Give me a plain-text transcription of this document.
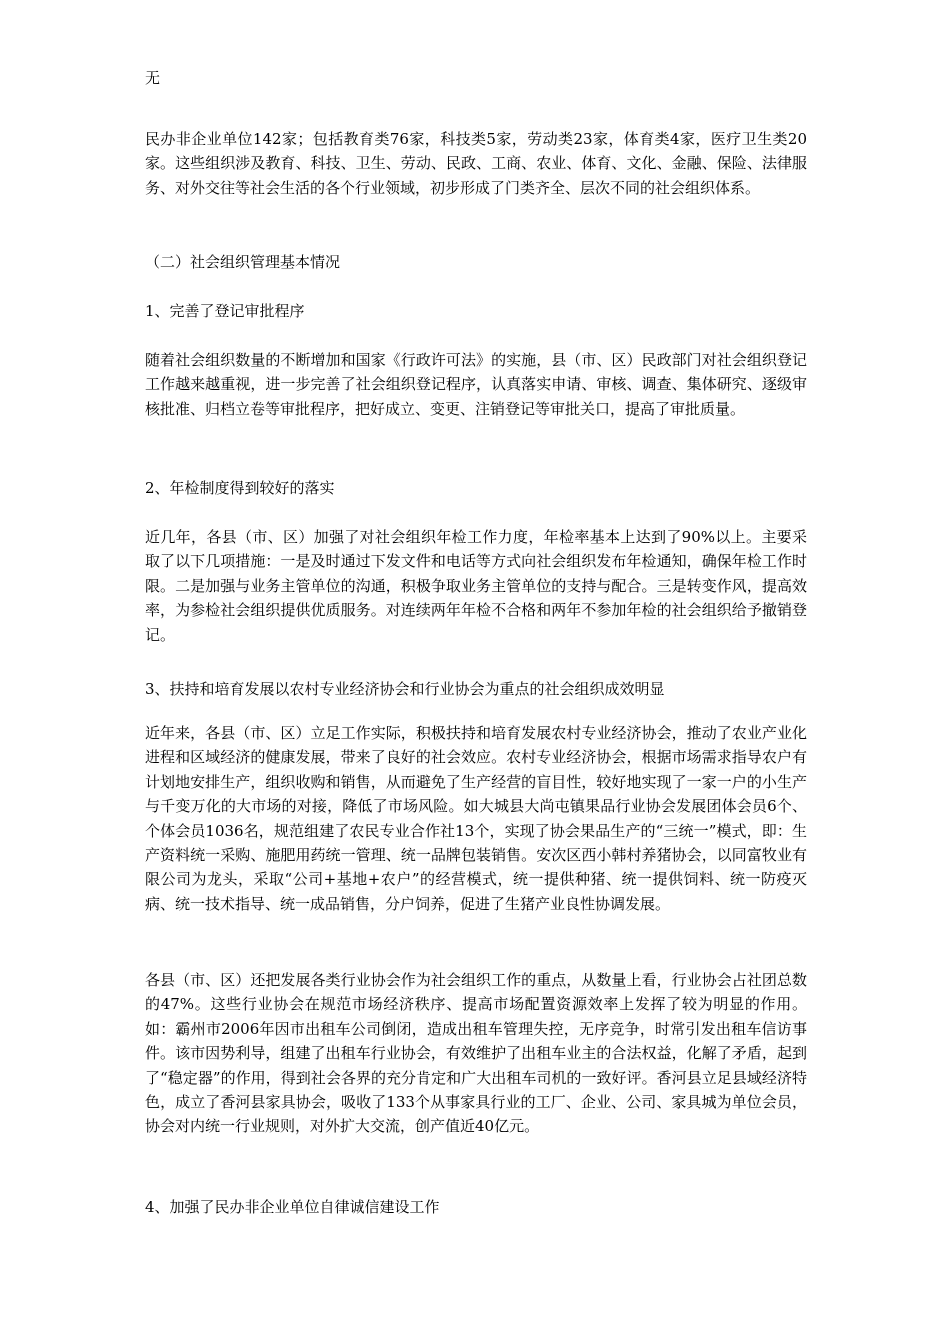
无

民办非企业单位142家；包括教育类76家，科技类5家，劳动类23家，体育类4家，医疗卫生类20家。这些组织涉及教育、科技、卫生、劳动、民政、工商、农业、体育、文化、金融、保险、法律服务、对外交往等社会生活的各个行业领域，初步形成了门类齐全、层次不同的社会组织体系。

（二）社会组织管理基本情况

1、完善了登记审批程序

随着社会组织数量的不断增加和国家《行政许可法》的实施，县（市、区）民政部门对社会组织登记工作越来越重视，进一步完善了社会组织登记程序，认真落实申请、审核、调查、集体研究、逐级审核批准、归档立卷等审批程序，把好成立、变更、注销登记等审批关口，提高了审批质量。

2、年检制度得到较好的落实

近几年，各县（市、区）加强了对社会组织年检工作力度，年检率基本上达到了90%以上。主要采取了以下几项措施：一是及时通过下发文件和电话等方式向社会组织发布年检通知，确保年检工作时限。二是加强与业务主管单位的沟通，积极争取业务主管单位的支持与配合。三是转变作风，提高效率，为参检社会组织提供优质服务。对连续两年年检不合格和两年不参加年检的社会组织给予撤销登记。

3、扶持和培育发展以农村专业经济协会和行业协会为重点的社会组织成效明显

近年来，各县（市、区）立足工作实际，积极扶持和培育发展农村专业经济协会，推动了农业产业化进程和区域经济的健康发展，带来了良好的社会效应。农村专业经济协会，根据市场需求指导农户有计划地安排生产，组织收购和销售，从而避免了生产经营的盲目性，较好地实现了一家一户的小生产与千变万化的大市场的对接，降低了市场风险。如大城县大尚屯镇果品行业协会发展团体会员6个、个体会员1036名，规范组建了农民专业合作社13个，实现了协会果品生产的“三统一”模式，即：生产资料统一采购、施肥用药统一管理、统一品牌包装销售。安次区西小韩村养猪协会，以同富牧业有限公司为龙头，采取“公司+基地+农户”的经营模式，统一提供种猪、统一提供饲料、统一防疫灭病、统一技术指导、统一成品销售，分户饲养，促进了生猪产业良性协调发展。

各县（市、区）还把发展各类行业协会作为社会组织工作的重点，从数量上看，行业协会占社团总数的47%。这些行业协会在规范市场经济秩序、提高市场配置资源效率上发挥了较为明显的作用。如：霸州市2006年因市出租车公司倒闭，造成出租车管理失控，无序竞争，时常引发出租车信访事件。该市因势利导，组建了出租车行业协会，有效维护了出租车业主的合法权益，化解了矛盾，起到了“稳定器”的作用，得到社会各界的充分肯定和广大出租车司机的一致好评。香河县立足县域经济特色，成立了香河县家具协会，吸收了133个从事家具行业的工厂、企业、公司、家具城为单位会员，协会对内统一行业规则，对外扩大交流，创产值近40亿元。

4、加强了民办非企业单位自律诚信建设工作
